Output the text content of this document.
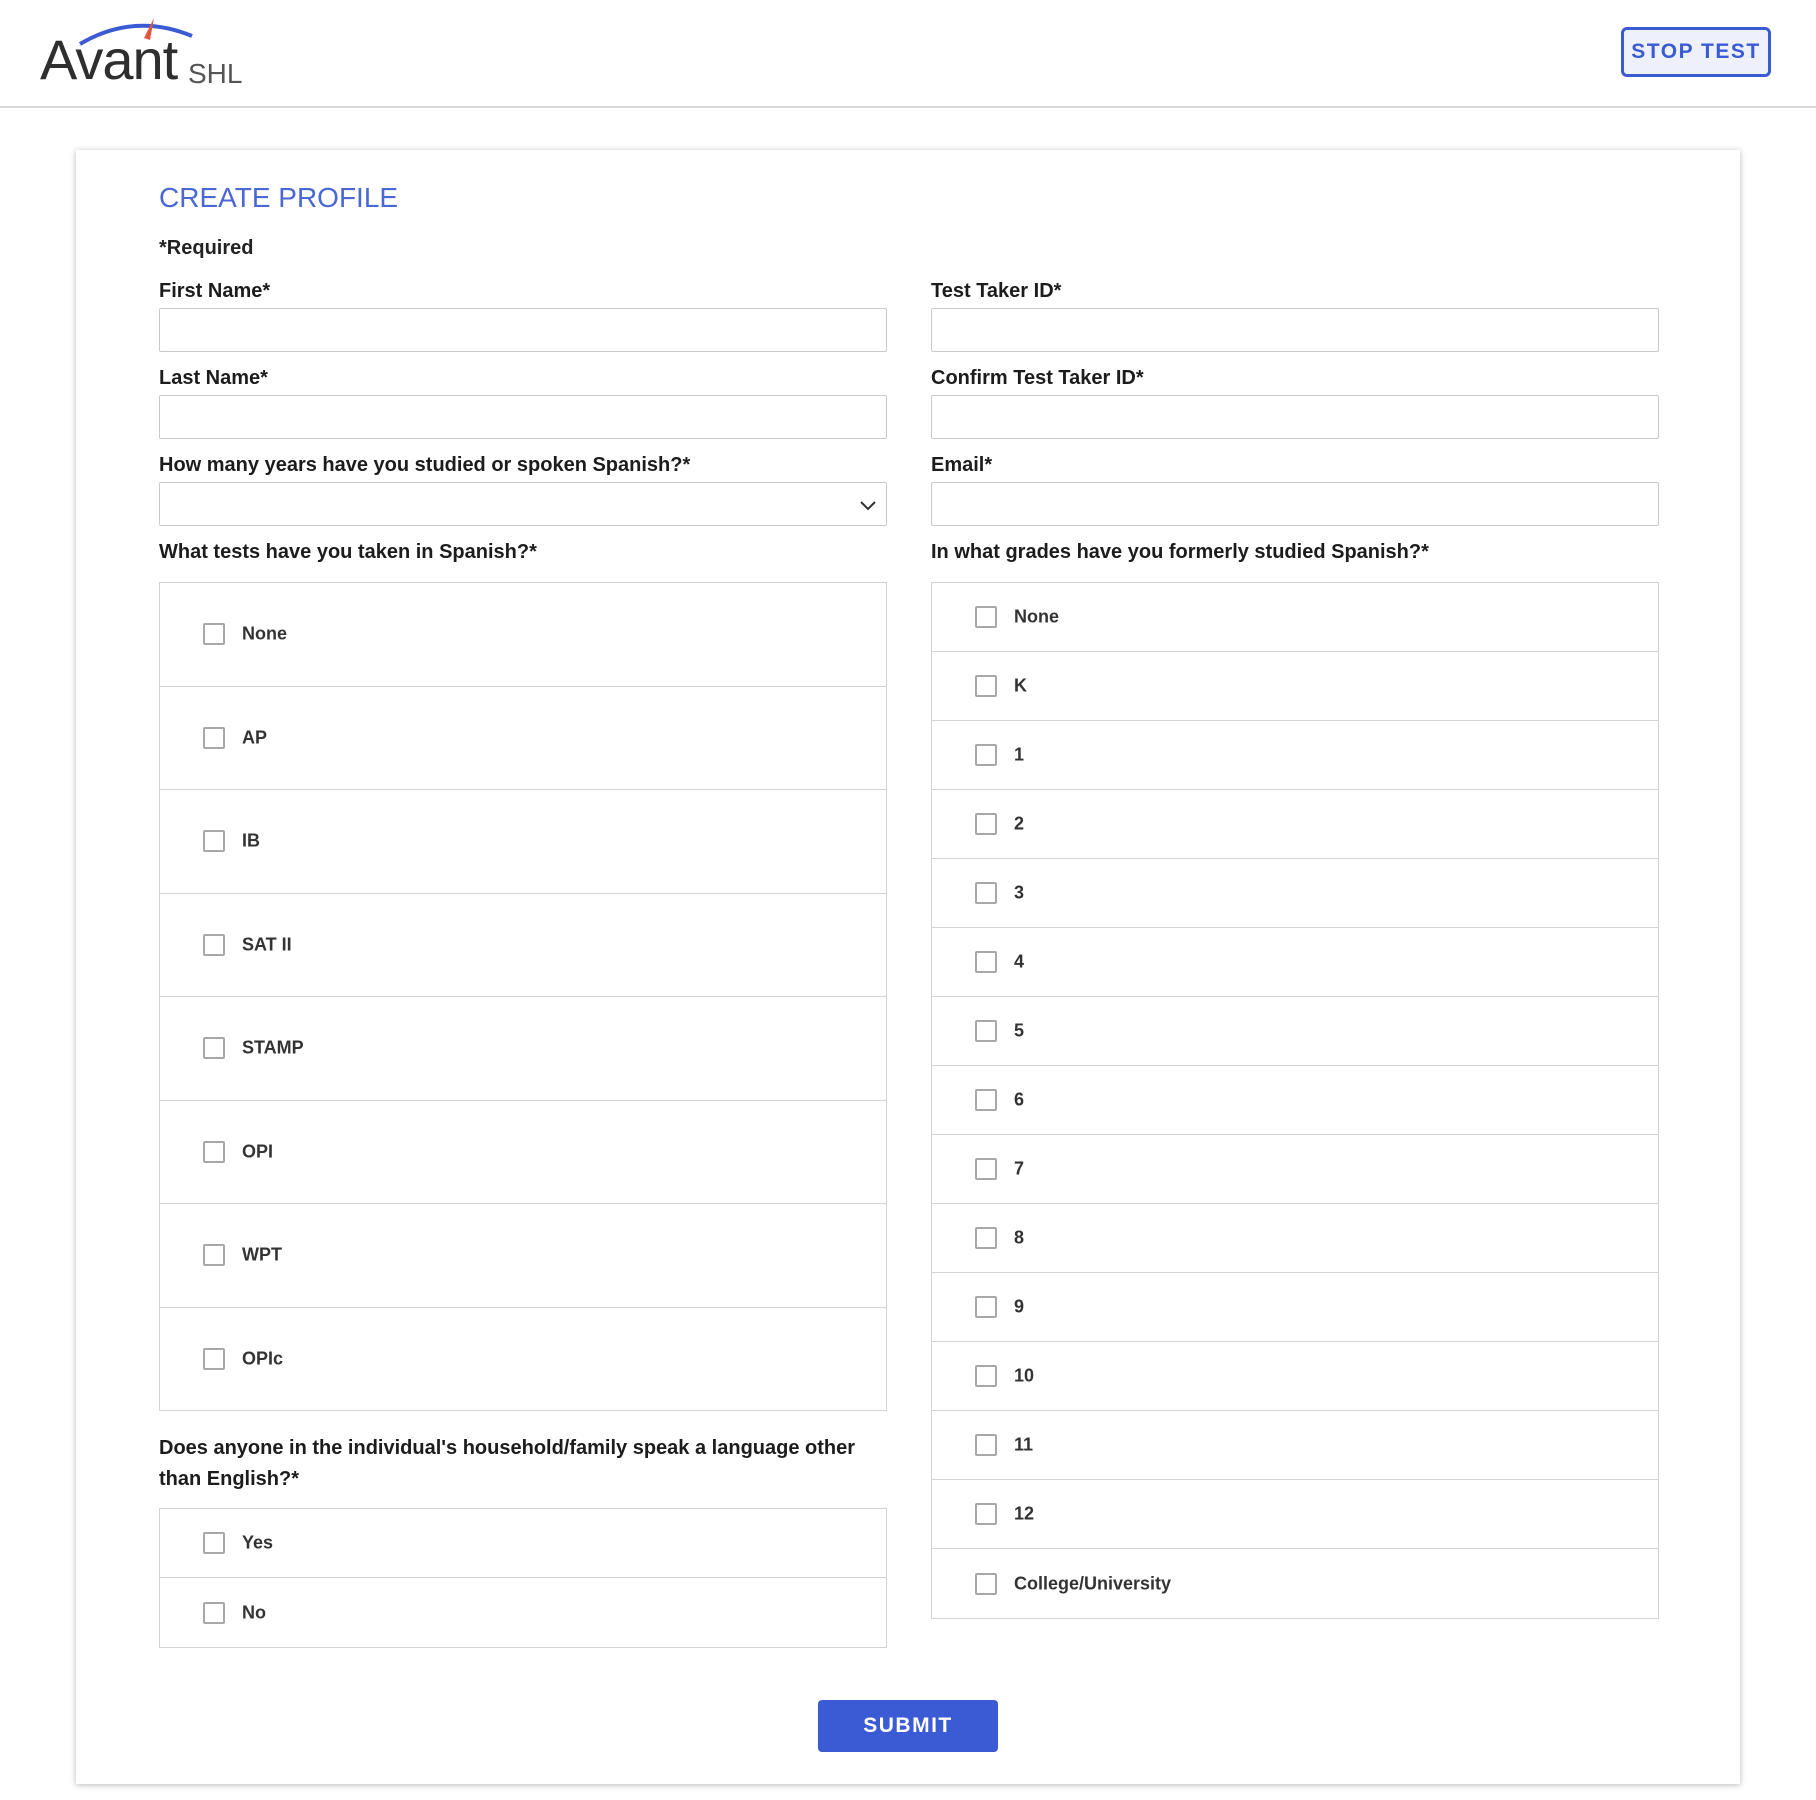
Avant SHL
STOP TEST
CREATE PROFILE
*Required
First Name*
Last Name*
How many years have you studied or spoken Spanish?*
What tests have you taken in Spanish?*
None
AP
IB
SAT II
STAMP
OPI
WPT
OPIc
Does anyone in the individual's household/family speak a language other than English?*
Yes
No
Test Taker ID*
Confirm Test Taker ID*
Email*
In what grades have you formerly studied Spanish?*
None
K
1
2
3
4
5
6
7
8
9
10
11
12
College/University
SUBMIT
